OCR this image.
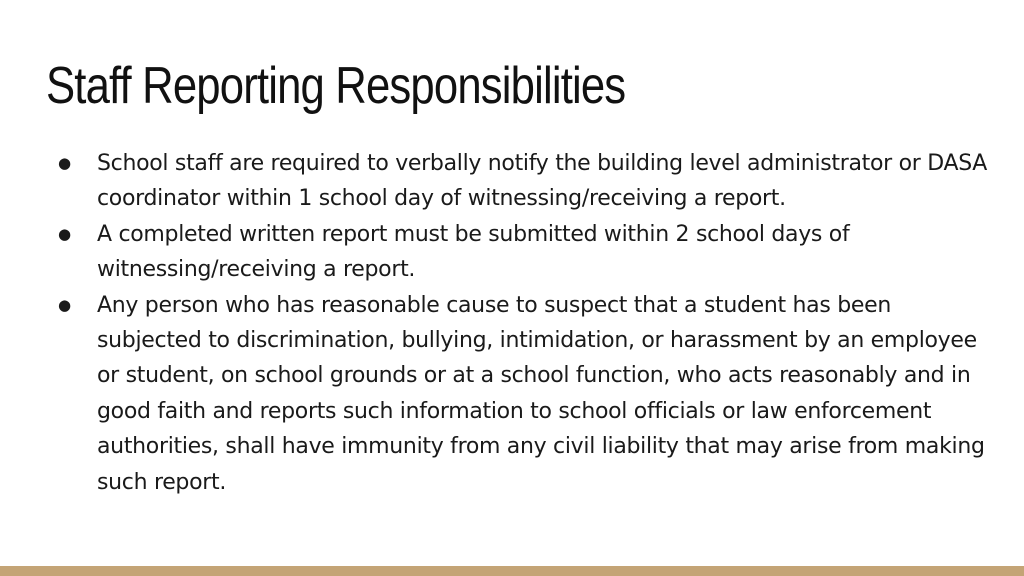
Staff Reporting Responsibilities
● School staff are required to verbally notify the building level administrator or DASA coordinator within 1 school day of witnessing/receiving a report.
● A completed written report must be submitted within 2 school days of witnessing/receiving a report.
● Any person who has reasonable cause to suspect that a student has been subjected to discrimination, bullying, intimidation, or harassment by an employee or student, on school grounds or at a school function, who acts reasonably and in good faith and reports such information to school officials or law enforcement authorities, shall have immunity from any civil liability that may arise from making such report.
